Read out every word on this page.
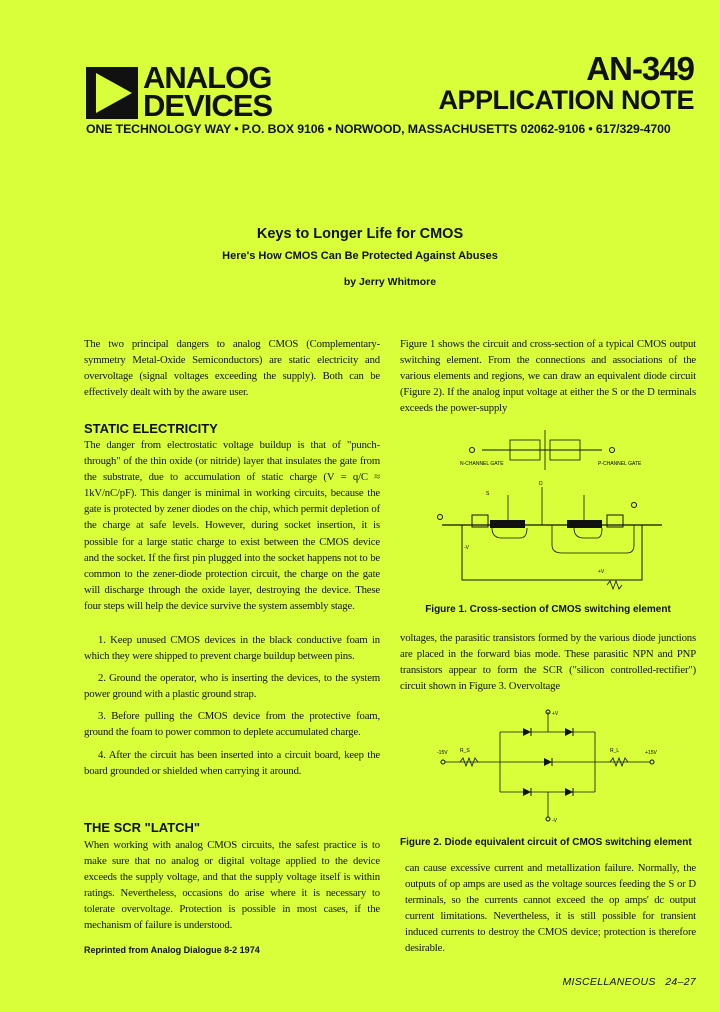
ANALOG
DEVICES
AN-349
APPLICATION NOTE
ONE TECHNOLOGY WAY • P.O. BOX 9106 • NORWOOD, MASSACHUSETTS 02062-9106 • 617/329-4700
Keys to Longer Life for CMOS
Here's How CMOS Can Be Protected Against Abuses
by Jerry Whitmore

The two principal dangers to analog CMOS (Complementary-symmetry Metal-Oxide Semiconductors) are static electricity and overvoltage (signal voltages exceeding the supply). Both can be effectively dealt with by the aware user.

STATIC ELECTRICITY

The danger from electrostatic voltage buildup is that of "punch-through" of the thin oxide (or nitride) layer that insulates the gate from the substrate, due to accumulation of static charge (V = q/C ≈ 1kV/nC/pF). This danger is minimal in working circuits, because the gate is protected by zener diodes on the chip, which permit depletion of the charge at safe levels. However, during socket insertion, it is possible for a large static charge to exist between the CMOS device and the socket. If the first pin plugged into the socket happens not to be common to the zener-diode protection circuit, the charge on the gate will discharge through the oxide layer, destroying the device. These four steps will help the device survive the system assembly stage.

1. Keep unused CMOS devices in the black conductive foam in which they were shipped to prevent charge buildup between pins.

2. Ground the operator, who is inserting the devices, to the system power ground with a plastic ground strap.

3. Before pulling the CMOS device from the protective foam, ground the foam to power common to deplete accumulated charge.

4. After the circuit has been inserted into a circuit board, keep the board grounded or shielded when carrying it around.

THE SCR "LATCH"

When working with analog CMOS circuits, the safest practice is to make sure that no analog or digital voltage applied to the device exceeds the supply voltage, and that the supply voltage itself is within ratings. Nevertheless, occasions do arise where it is necessary to tolerate overvoltage. Protection is possible in most cases, if the mechanism of failure is understood.

Reprinted from Analog Dialogue 8-2 1974

Figure 1 shows the circuit and cross-section of a typical CMOS output switching element. From the connections and associations of the various elements and regions, we can draw an equivalent diode circuit (Figure 2). If the analog input voltage at either the S or the D terminals exceeds the power-supply

N-CHANNEL GATE	P-CHANNEL GATE
S
D
+V
-V
Figure 1. Cross-section of CMOS switching element

voltages, the parasitic transistors formed by the various diode junctions are placed in the forward bias mode. These parasitic NPN and PNP transistors appear to form the SCR ("silicon controlled-rectifier") circuit shown in Figure 3. Overvoltage

-15V R_S	+15V
R_L
+V
-V
Figure 2. Diode equivalent circuit of CMOS switching element

can cause excessive current and metallization failure. Normally, the outputs of op amps are used as the voltage sources feeding the S or D terminals, so the currents cannot exceed the op amps' dc output current limitations. Nevertheless, it is still possible for transient induced currents to destroy the CMOS device; protection is therefore desirable.

MISCELLANEOUS 24–27
